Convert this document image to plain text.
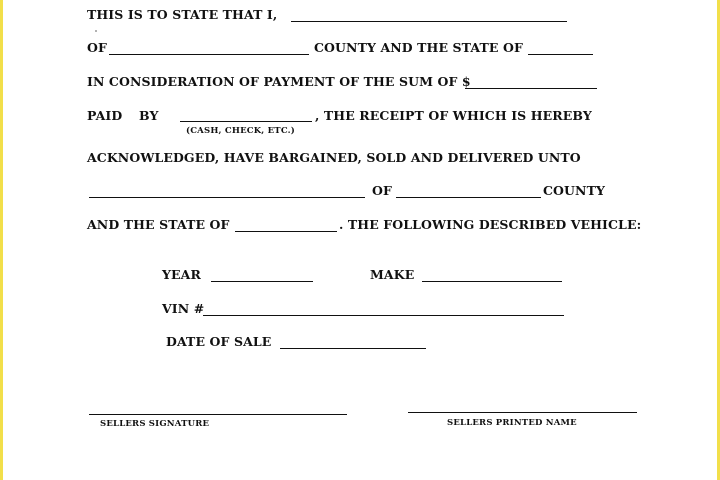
THIS IS TO STATE THAT I,
OF	COUNTY AND THE STATE OF
IN CONSIDERATION OF PAYMENT OF THE SUM OF $
PAID BY
(CASH, CHECK, ETC.)
, THE RECEIPT OF WHICH IS HEREBY
ACKNOWLEDGED, HAVE BARGAINED, SOLD AND DELIVERED UNTO
OF	COUNTY
AND THE STATE OF	. THE FOLLOWING DESCRIBED VEHICLE:
YEAR	MAKE
VIN #
DATE OF SALE
SELLERS SIGNATURE	SELLERS PRINTED NAME
